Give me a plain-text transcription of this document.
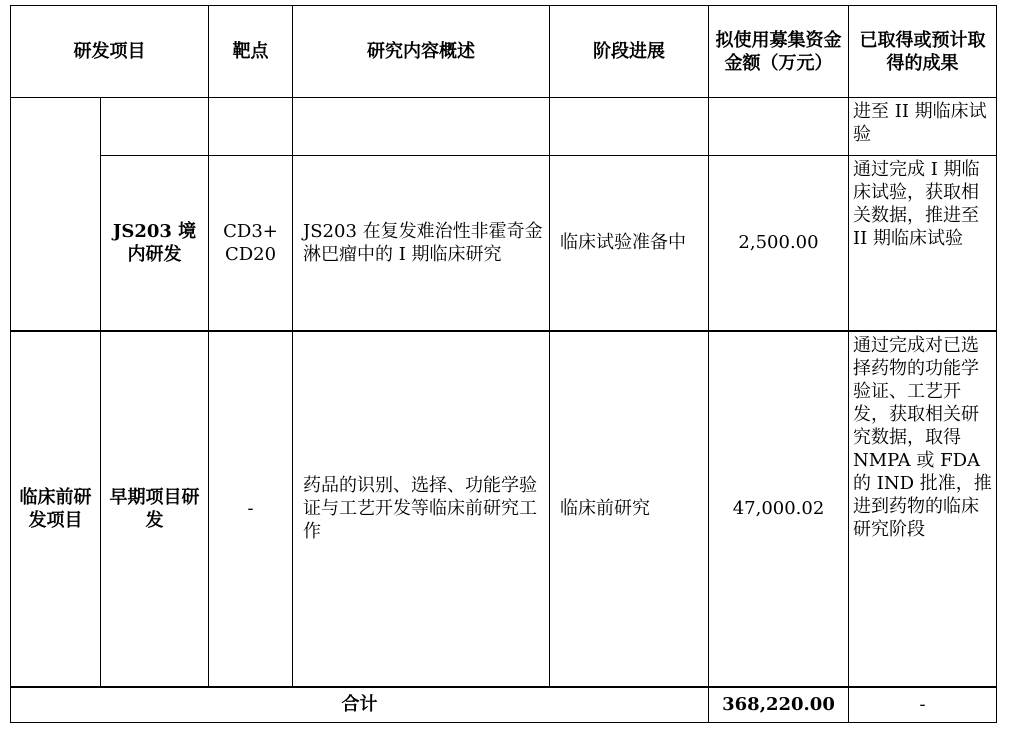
研发项目		靶点	研究内容概述	阶段进展	拟使用募集资金金额（万元）	已取得或预计取得的成果
						进至 II 期临床试验
	JS203 境内研发	CD3+ CD20	JS203 在复发难治性非霍奇金淋巴瘤中的 I 期临床研究	临床试验准备中	2,500.00	通过完成 I 期临床试验，获取相关数据，推进至 II 期临床试验
临床前研发项目	早期项目研发	-	药品的识别、选择、功能学验证与工艺开发等临床前研究工作	临床前研究	47,000.02	通过完成对已选择药物的功能学验证、工艺开发，获取相关研究数据，取得 NMPA 或 FDA 的 IND 批准，推进到药物的临床研究阶段
合计					368,220.00	-
